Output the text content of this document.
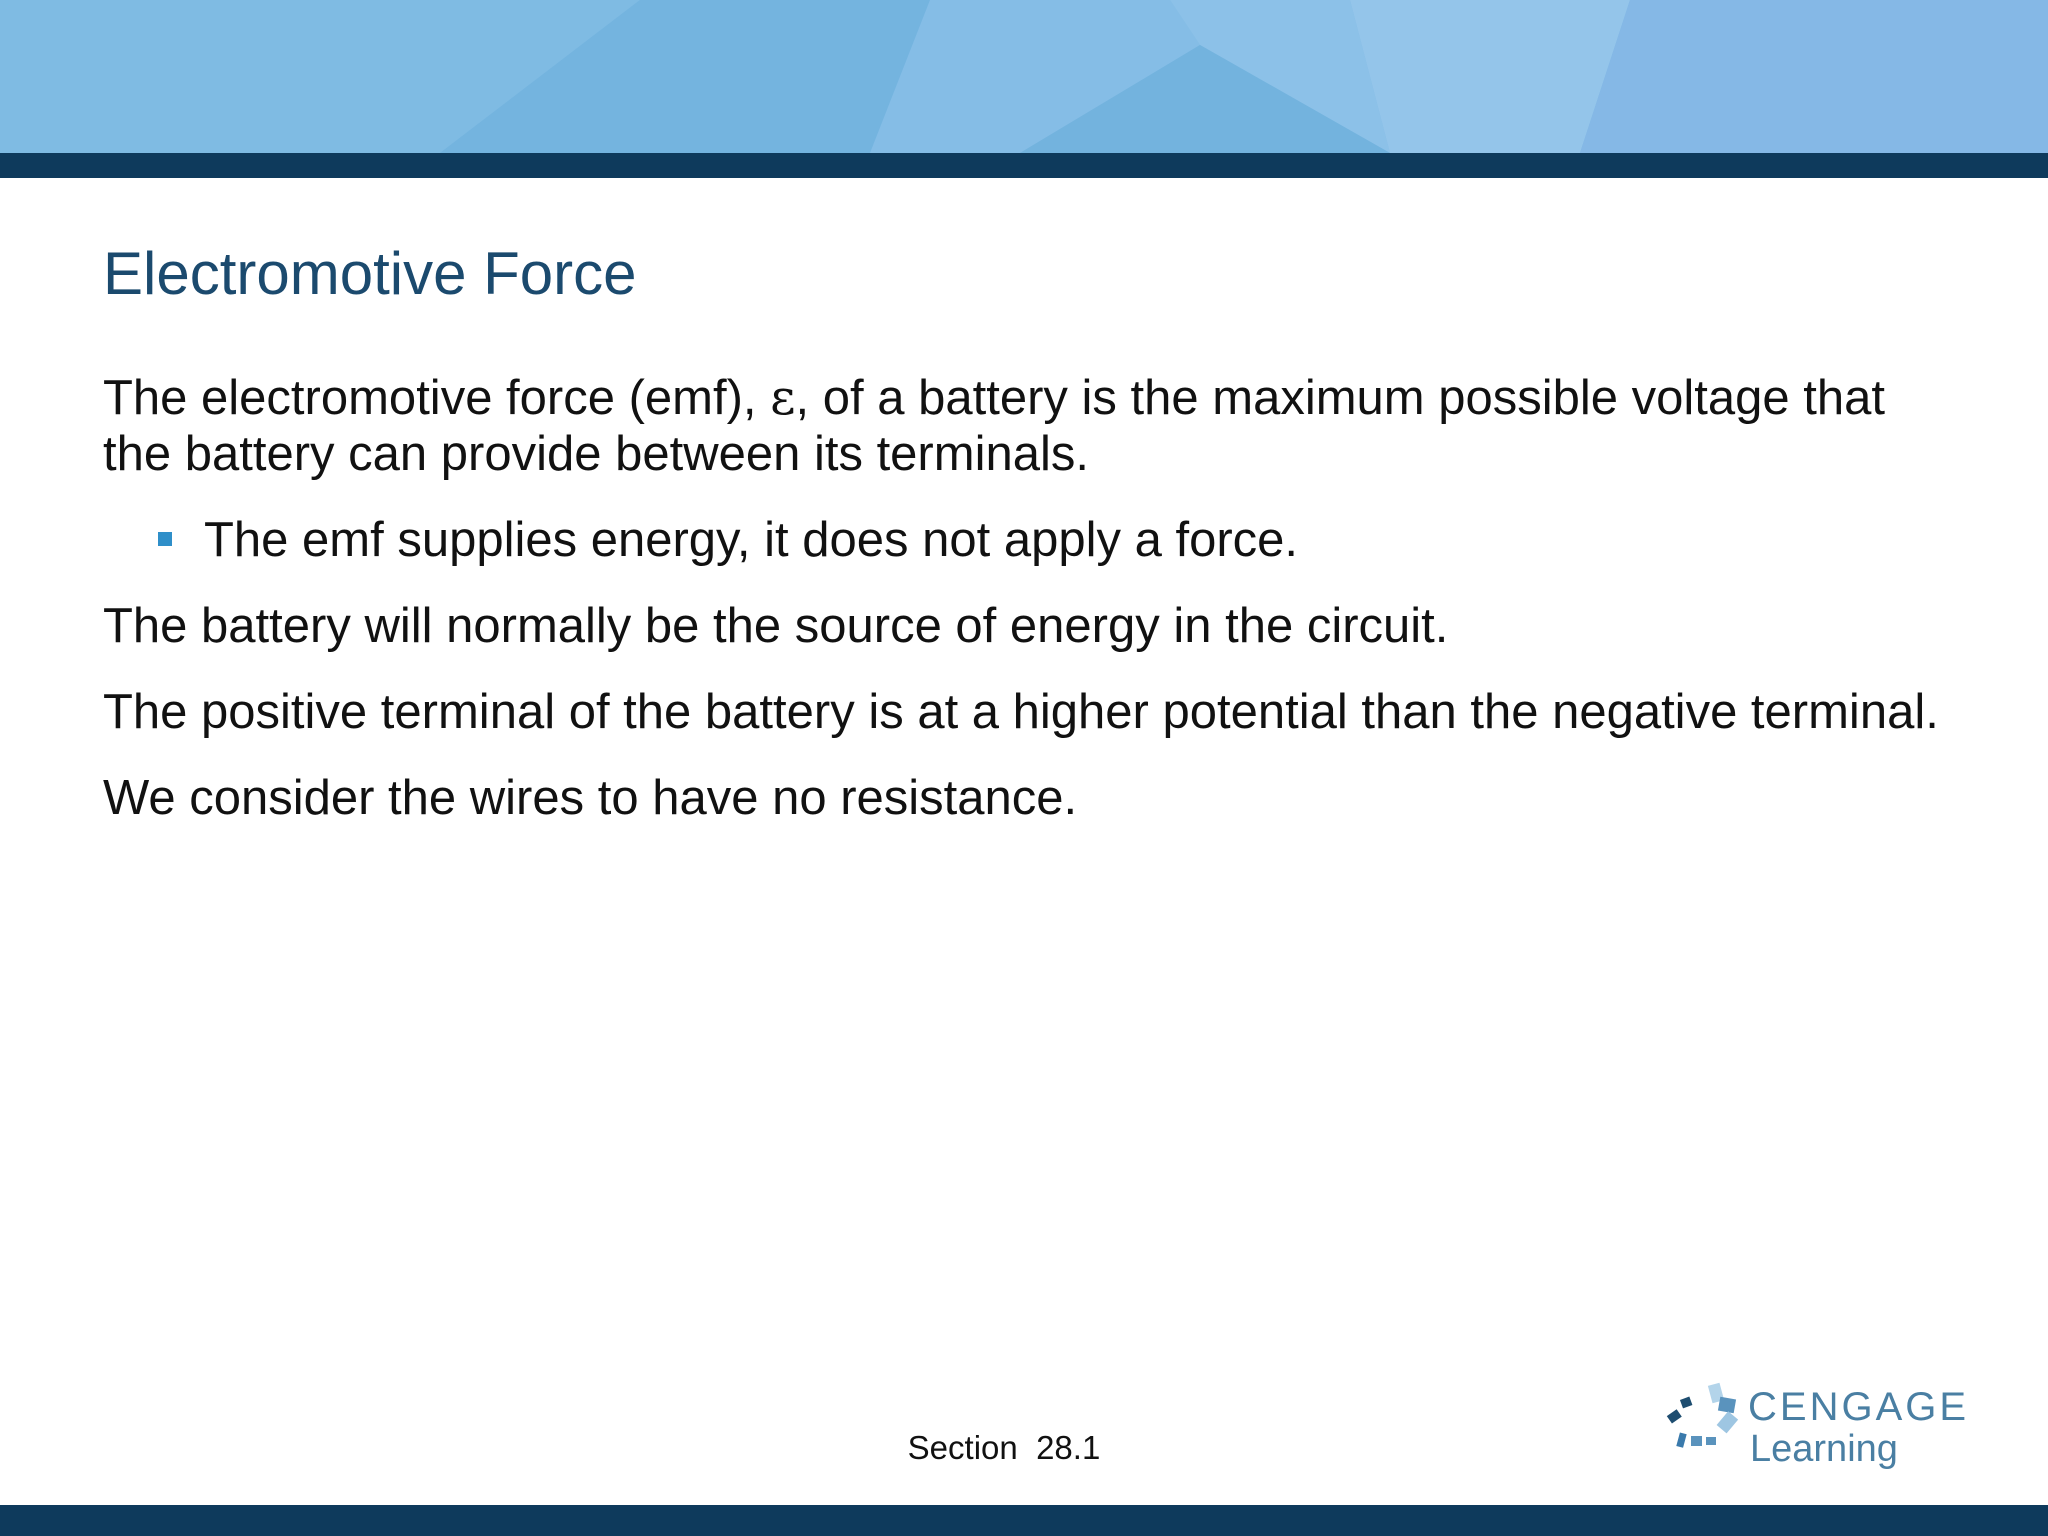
Electromotive Force

The electromotive force (emf), ε, of a battery is the maximum possible voltage that the battery can provide between its terminals.

The emf supplies energy, it does not apply a force.

The battery will normally be the source of energy in the circuit.

The positive terminal of the battery is at a higher potential than the negative terminal.

We consider the wires to have no resistance.

Section  28.1
CENGAGE
Learning
